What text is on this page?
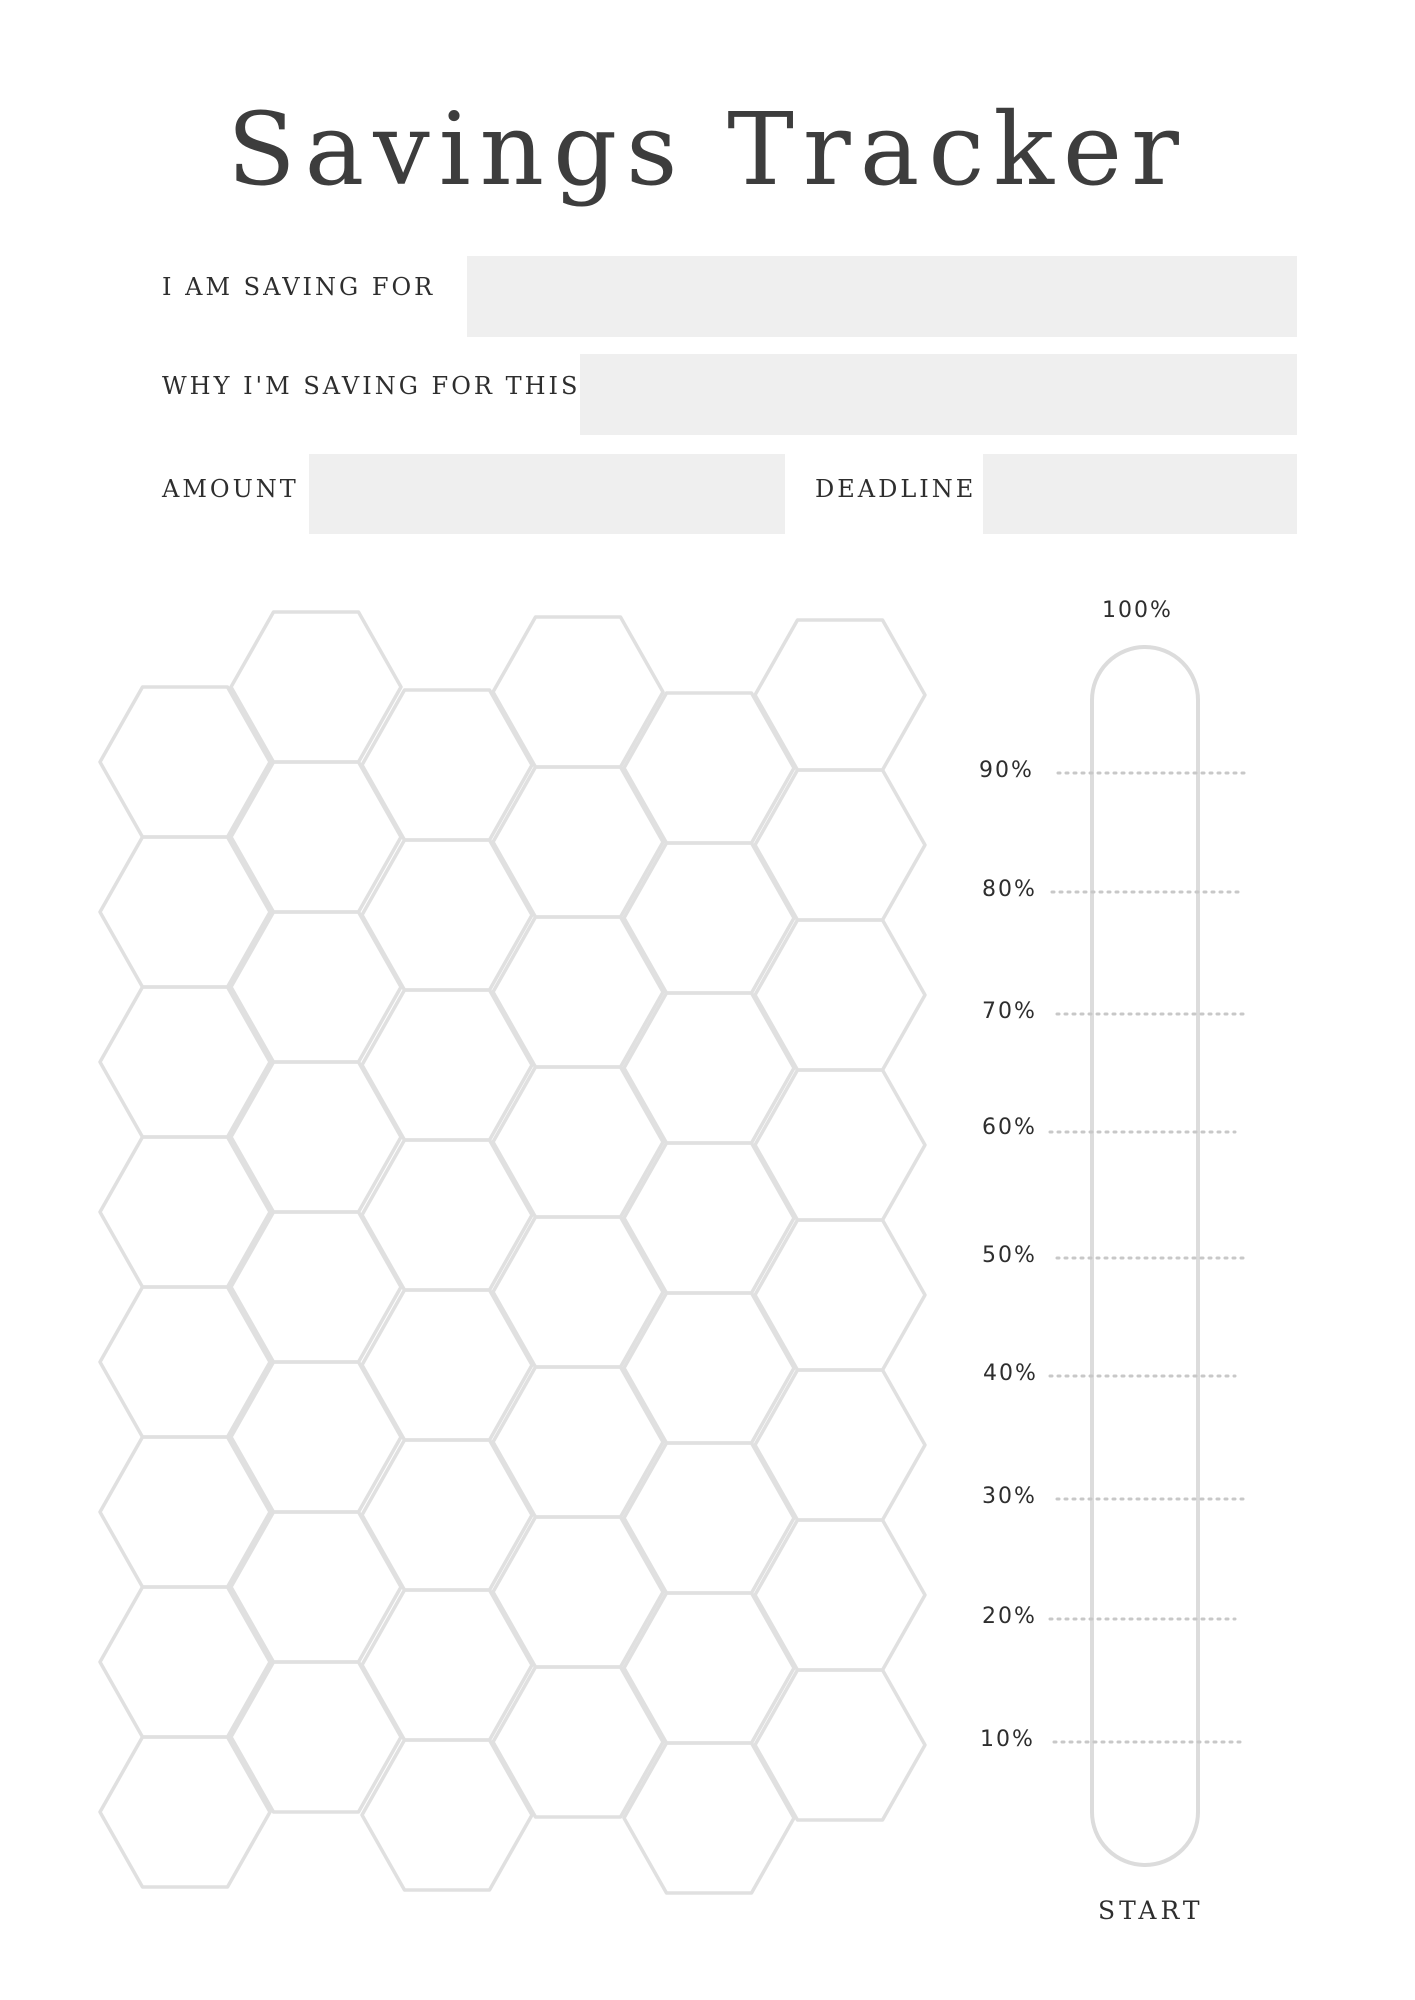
Savings Tracker
I AM SAVING FOR
WHY I'M SAVING FOR THIS
AMOUNT	DEADLINE
100%
90%
80%
70%
60%
50%
40%
30%
20%
10%
START
